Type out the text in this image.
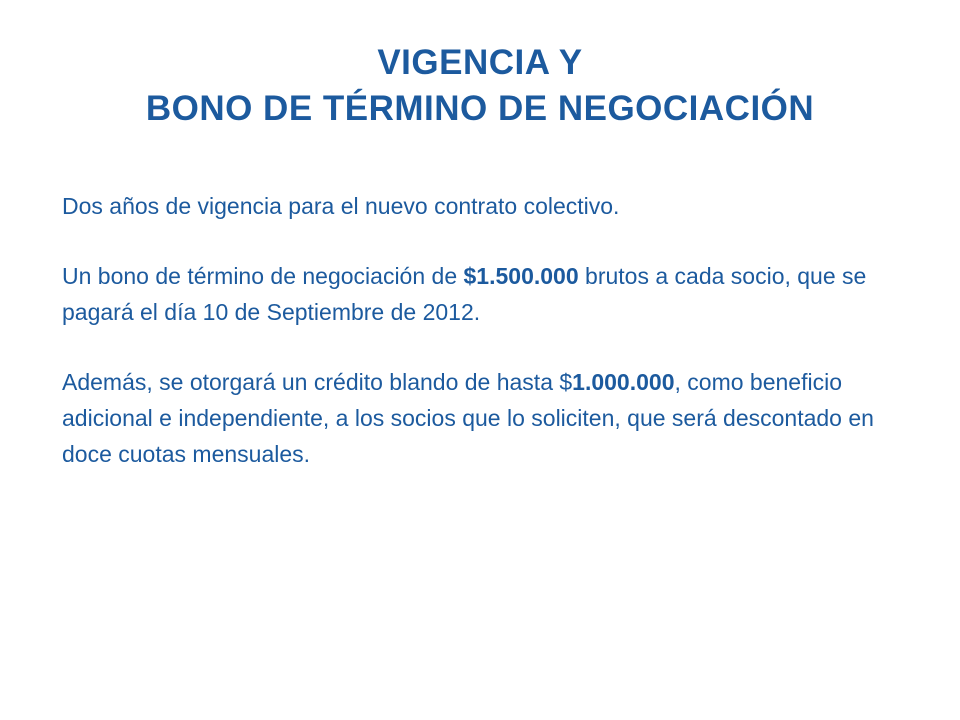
VIGENCIA Y
BONO DE TÉRMINO DE NEGOCIACIÓN

Dos años de vigencia para el nuevo contrato colectivo.

Un bono de término de negociación de $1.500.000 brutos a cada socio, que se pagará el día 10 de Septiembre de 2012.

Además, se otorgará un crédito blando de hasta $1.000.000, como beneficio adicional e independiente, a los socios que lo soliciten, que será descontado en doce cuotas mensuales.
